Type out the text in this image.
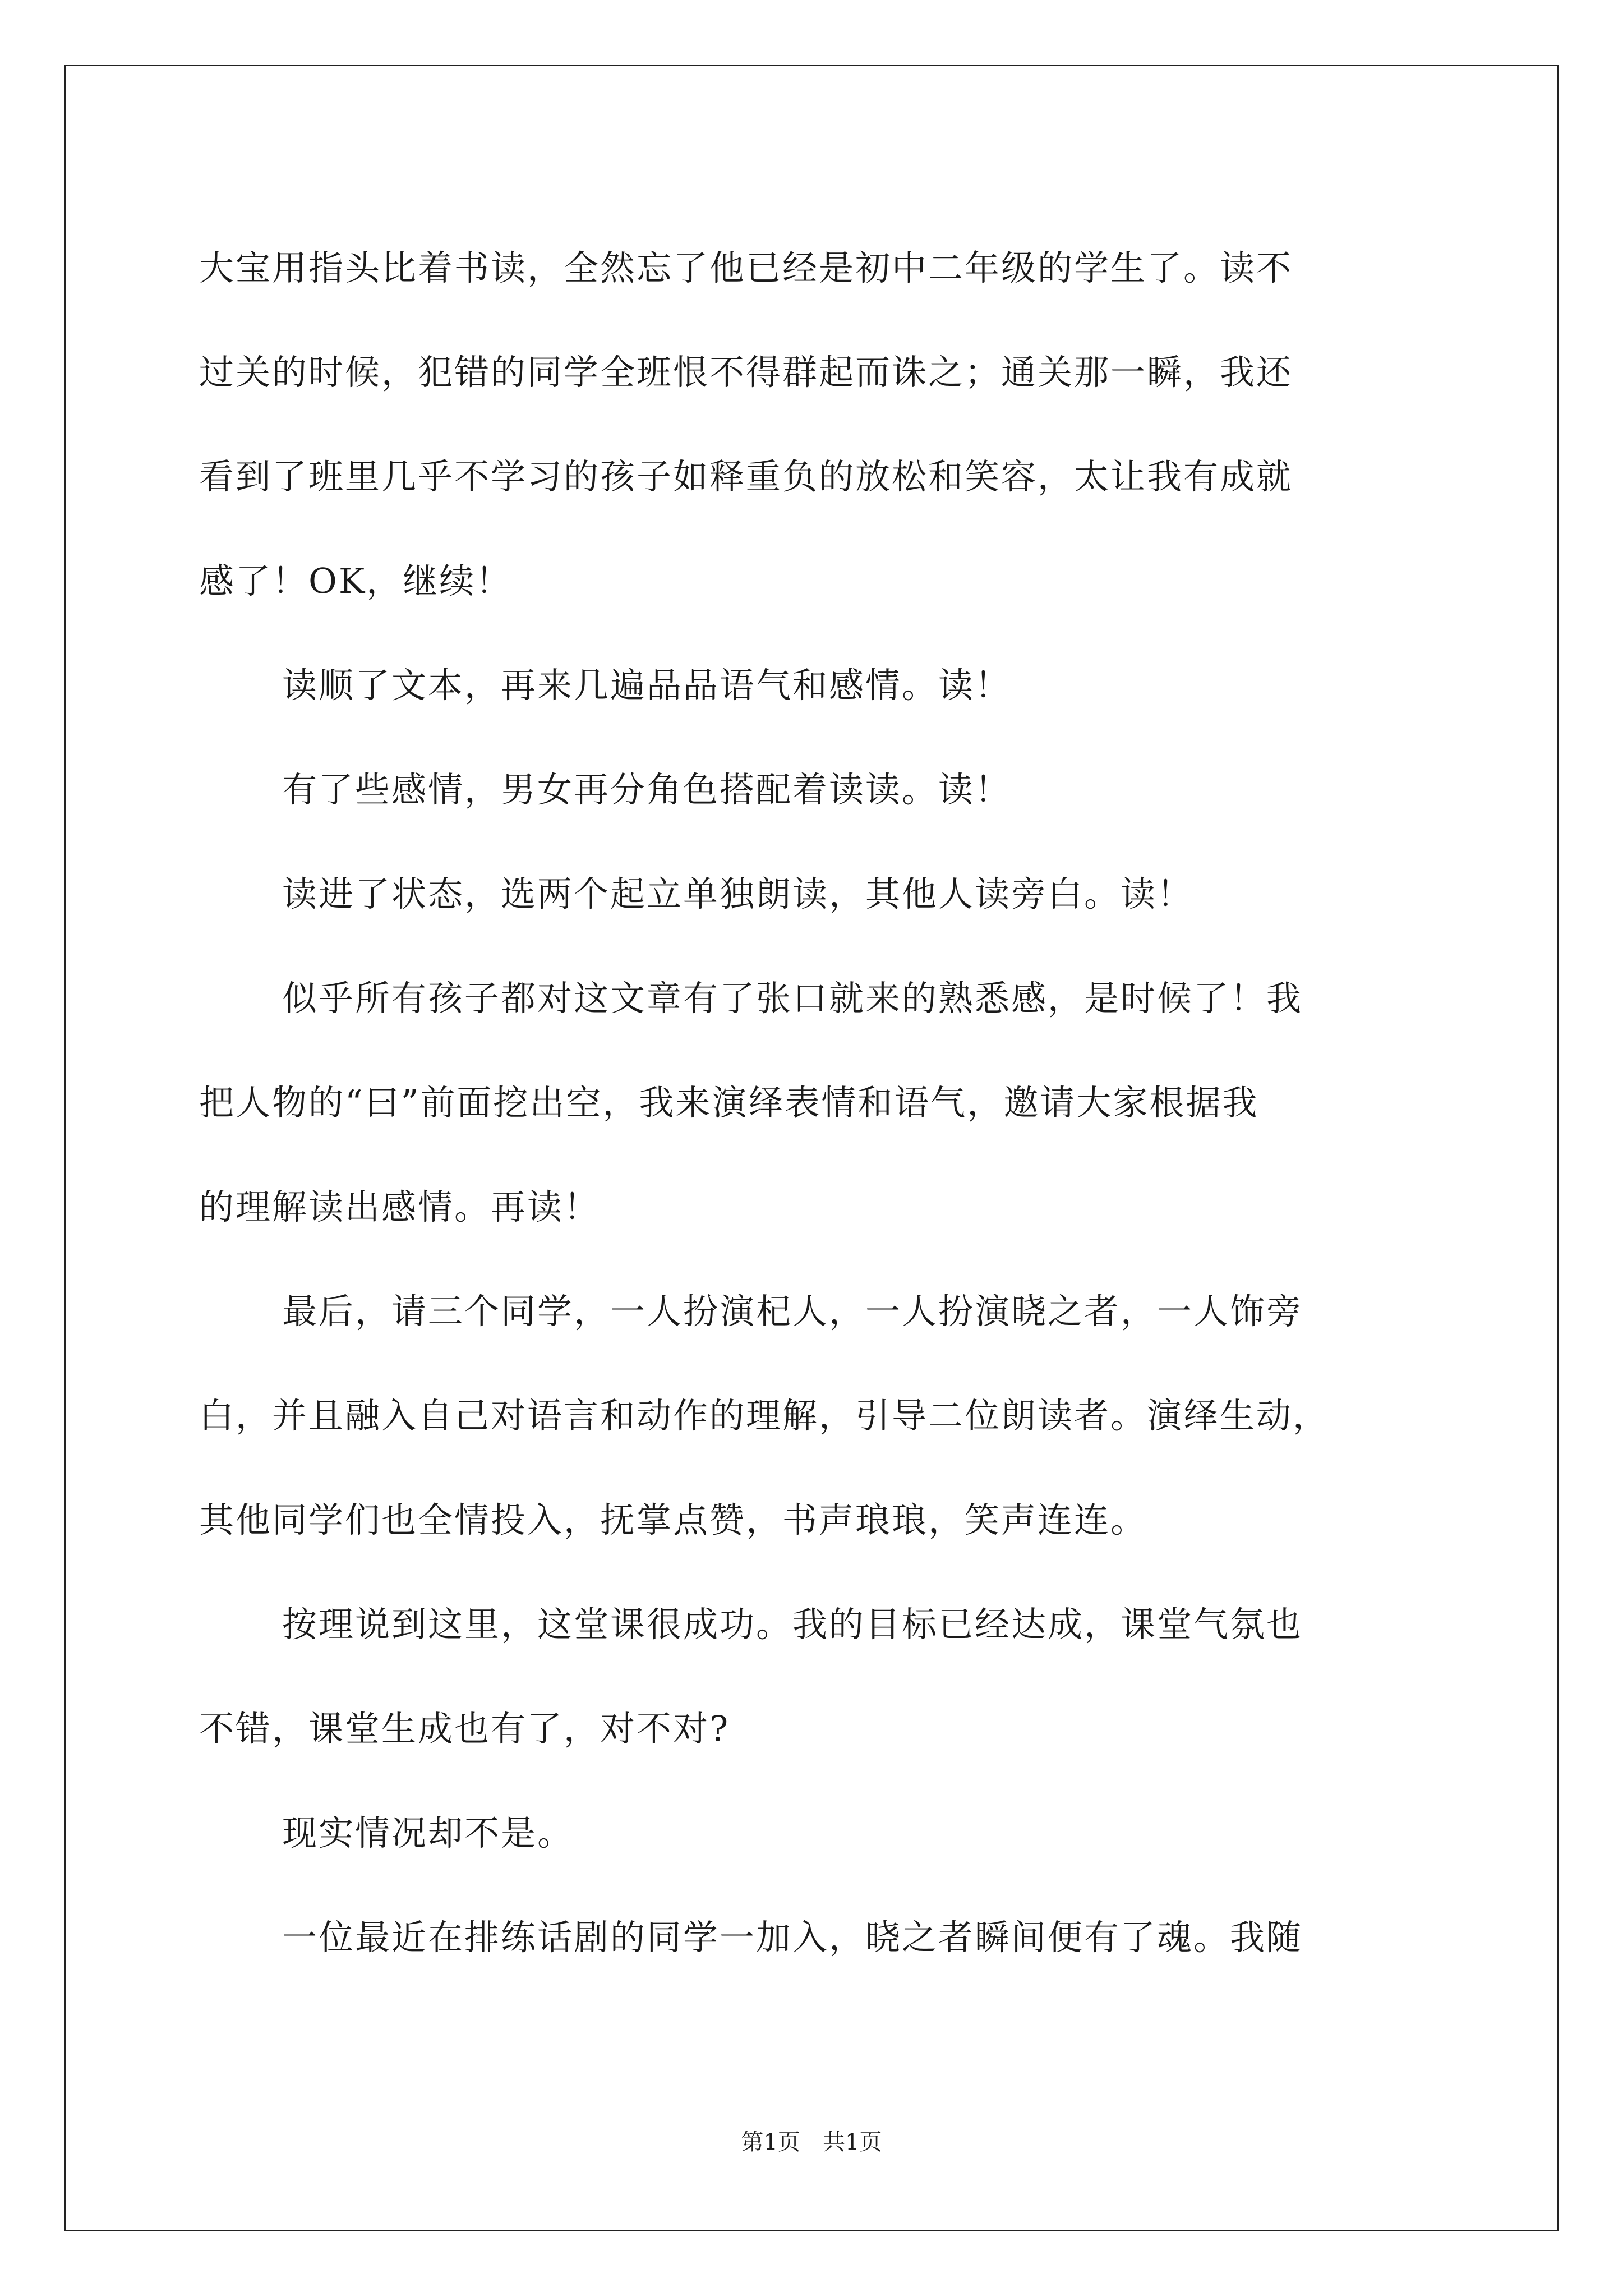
大宝用指头比着书读，全然忘了他已经是初中二年级的学生了。读不
过关的时候，犯错的同学全班恨不得群起而诛之；通关那一瞬，我还
看到了班里几乎不学习的孩子如释重负的放松和笑容，太让我有成就
感了！OK，继续！
读顺了文本，再来几遍品品语气和感情。读！
有了些感情，男女再分角色搭配着读读。读！
读进了状态，选两个起立单独朗读，其他人读旁白。读！
似乎所有孩子都对这文章有了张口就来的熟悉感，是时候了！我
把人物的“曰”前面挖出空，我来演绎表情和语气，邀请大家根据我
的理解读出感情。再读！
最后，请三个同学，一人扮演杞人，一人扮演晓之者，一人饰旁
白，并且融入自己对语言和动作的理解，引导二位朗读者。演绎生动，
其他同学们也全情投入，抚掌点赞，书声琅琅，笑声连连。
按理说到这里，这堂课很成功。我的目标已经达成，课堂气氛也
不错，课堂生成也有了，对不对?
现实情况却不是。
一位最近在排练话剧的同学一加入，晓之者瞬间便有了魂。我随
第1页　共1页
